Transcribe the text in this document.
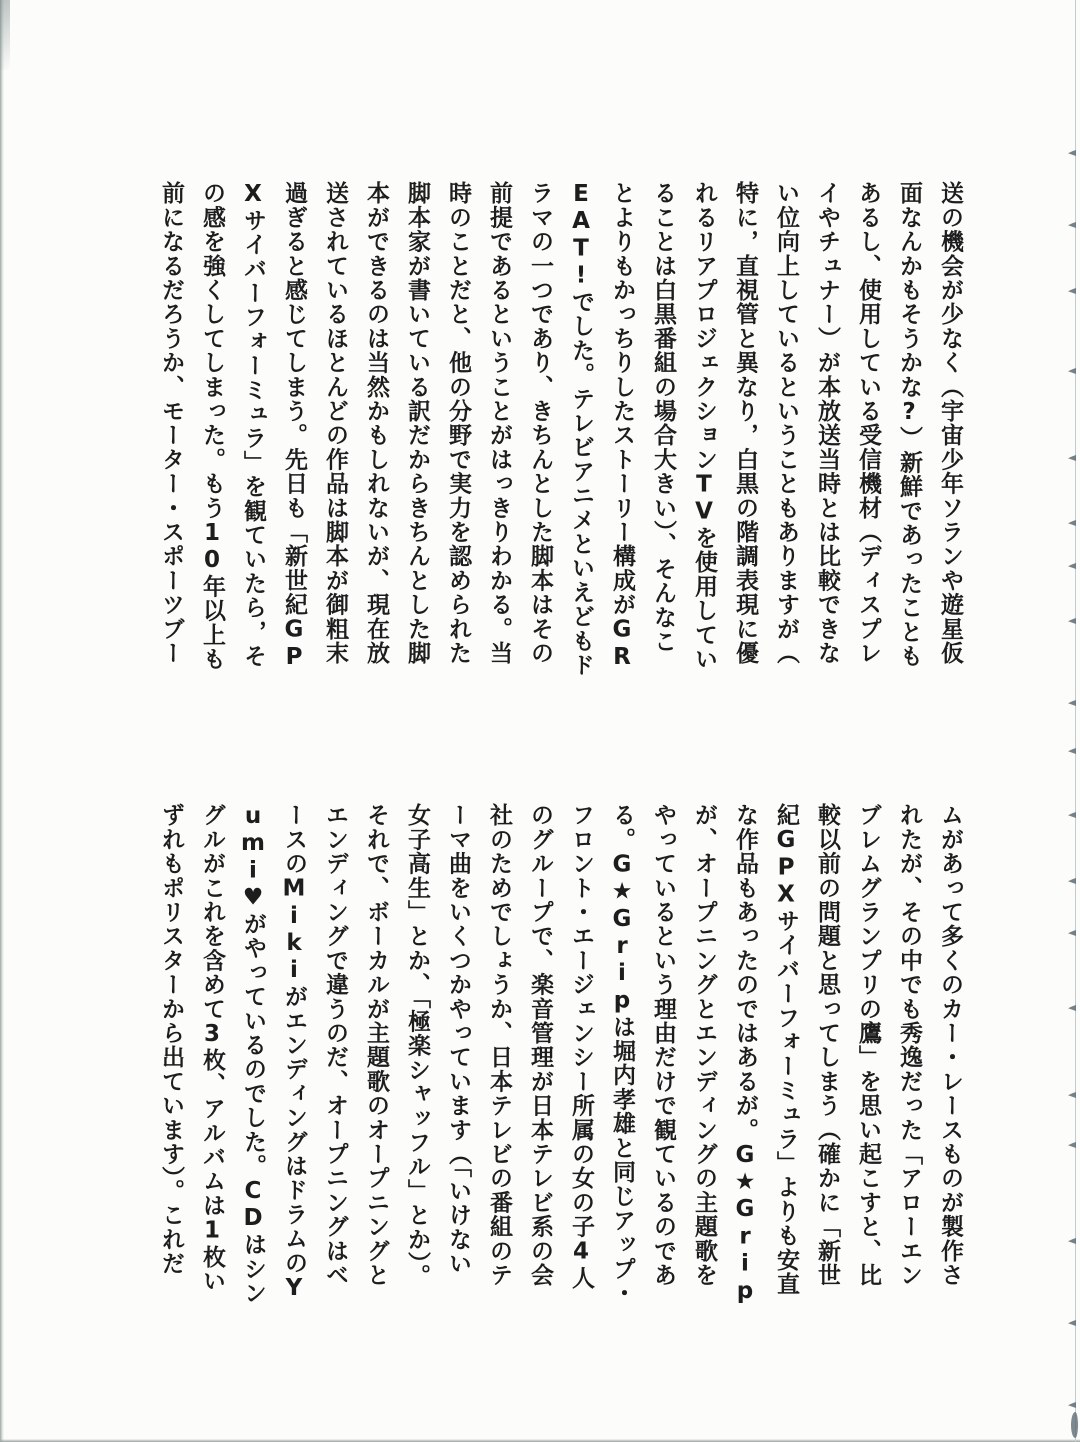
送の機会が少なく（宇宙少年ソランや遊星仮
面なんかもそうかな?）新鮮であったことも
あるし、使用している受信機材（ディスプレ
イやチュナー）が本放送当時とは比較できな
い位向上しているということもありますが（
特に，直視管と異なり，白黒の階調表現に優
れるリアプロジェクションTVを使用してい
ることは白黒番組の場合大きい）、そんなこ
とよりもかっちりしたストーリー構成がGR
EAT!でした。テレビアニメといえどもド
ラマの一つであり、きちんとした脚本はその
前提であるということがはっきりわかる。当
時のことだと、他の分野で実力を認められた
脚本家が書いている訳だからきちんとした脚
本ができるのは当然かもしれないが、現在放
送されているほとんどの作品は脚本が御粗末
過ぎると感じてしまう。先日も「新世紀GP
Xサイバーフォーミュラ」を観ていたら，そ
の感を強くしてしまった。もう10年以上も
前になるだろうか、モーター・スポーツブー
ムがあって多くのカー・レースものが製作さ
れたが、その中でも秀逸だった「アローエン
ブレムグランプリの鷹」を思い起こすと、比
較以前の問題と思ってしまう（確かに「新世
紀GPXサイバーフォーミュラ」よりも安直
な作品もあったのではあるが。G★Grip
が、オープニングとエンディングの主題歌を
やっているという理由だけで観ているのであ
る。G★Gripは堀内孝雄と同じアップ・
フロント・エージェンシー所属の女の子4人
のグループで、楽音管理が日本テレビ系の会
社のためでしょうか、日本テレビの番組のテ
ーマ曲をいくつかやっています（「いけない
女子高生」とか、「極楽シャッフル」とか）。
それで、ボーカルが主題歌のオープニングと
エンディングで違うのだ、オープニングはベ
ースのMikiがエンディングはドラムのY
umi♥がやっているのでした。CDはシン
グルがこれを含めて3枚、アルバムは1枚い
ずれもポリスターから出ています）。これだ
